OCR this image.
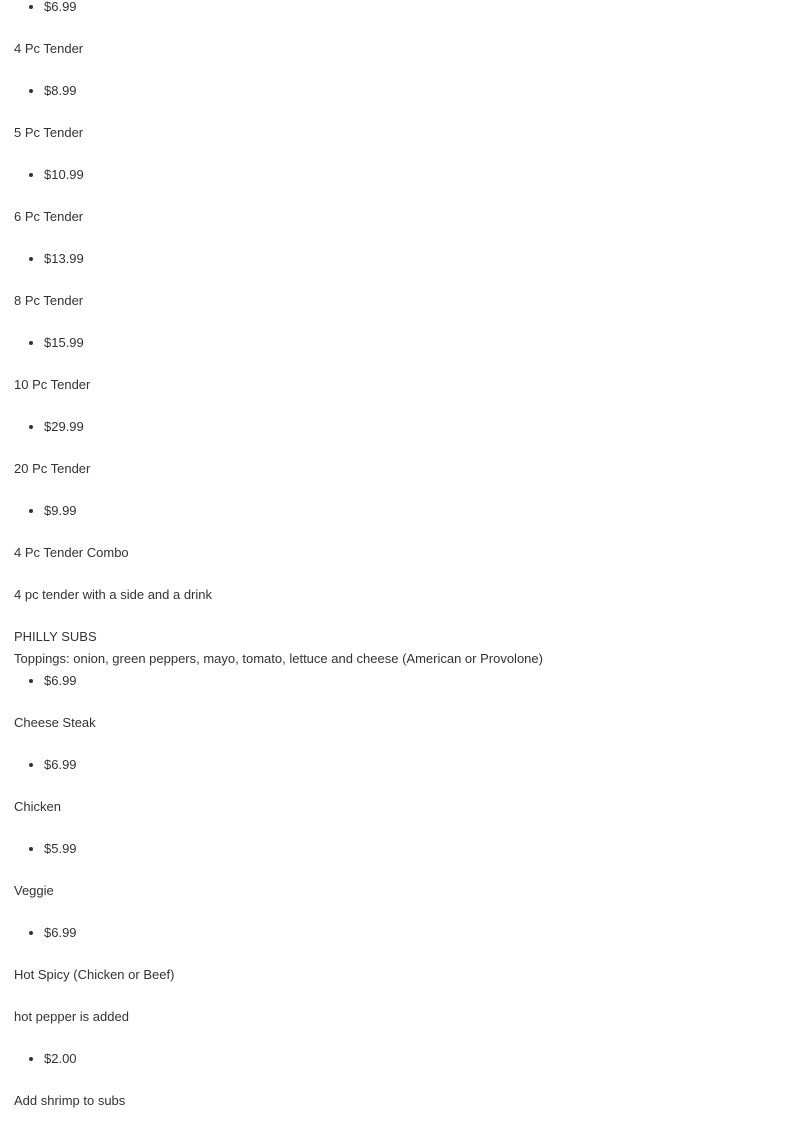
• $6.99

4 Pc Tender

• $8.99

5 Pc Tender

• $10.99

6 Pc Tender

• $13.99

8 Pc Tender

• $15.99

10 Pc Tender

• $29.99

20 Pc Tender

• $9.99

4 Pc Tender Combo

4 pc tender with a side and a drink

PHILLY SUBS
Toppings: onion, green peppers, mayo, tomato, lettuce and cheese (American or Provolone)
• $6.99

Cheese Steak

• $6.99

Chicken

• $5.99

Veggie

• $6.99

Hot Spicy (Chicken or Beef)

hot pepper is added

• $2.00

Add shrimp to subs
